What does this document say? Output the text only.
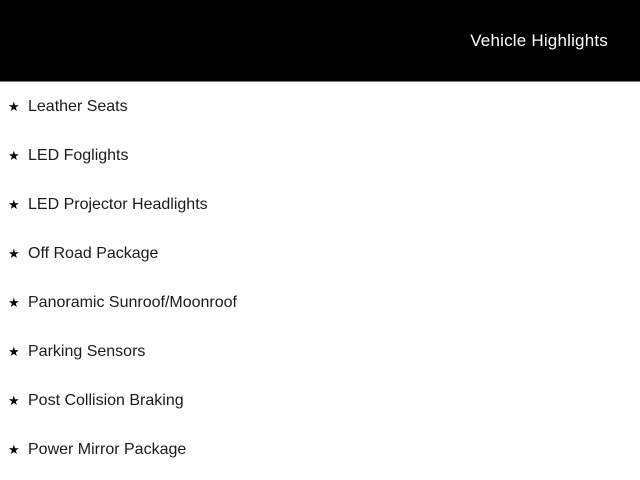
Vehicle Highlights
★ Leather Seats
★ LED Foglights
★ LED Projector Headlights
★ Off Road Package
★ Panoramic Sunroof/Moonroof
★ Parking Sensors
★ Post Collision Braking
★ Power Mirror Package
